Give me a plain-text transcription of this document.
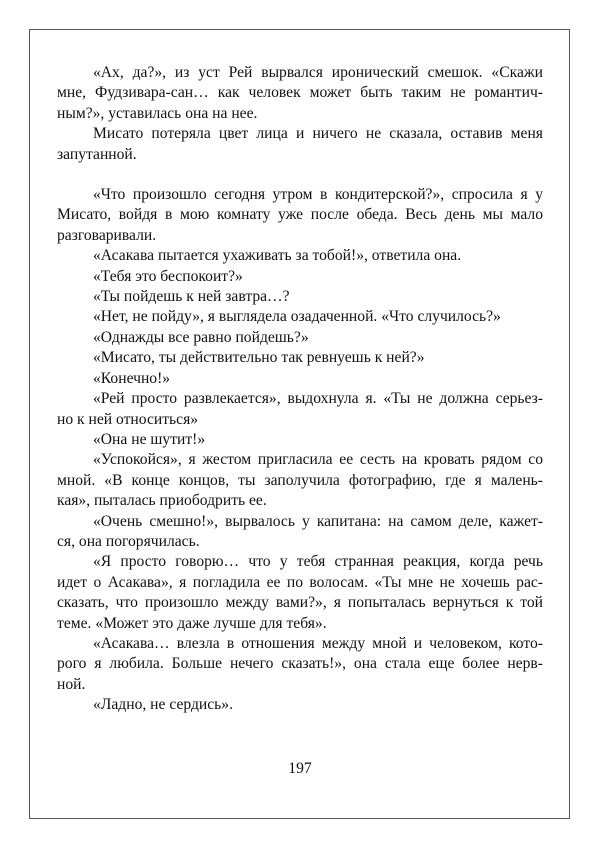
«Ах, да?», из уст Рей вырвался иронический смешок. «Скажи
мне, Фудзивара-сан… как человек может быть таким не романтич-
ным?», уставилась она на нее.

Мисато потеряла цвет лица и ничего не сказала, оставив меня
запутанной.

«Что произошло сегодня утром в кондитерской?», спросила я у
Мисато, войдя в мою комнату уже после обеда. Весь день мы мало
разговаривали.

«Асакава пытается ухаживать за тобой!», ответила она.

«Тебя это беспокоит?»

«Ты пойдешь к ней завтра…?

«Нет, не пойду», я выглядела озадаченной. «Что случилось?»

«Однажды все равно пойдешь?»

«Мисато, ты действительно так ревнуешь к ней?»

«Конечно!»

«Рей просто развлекается», выдохнула я. «Ты не должна серьез-
но к ней относиться»

«Она не шутит!»

«Успокойся», я жестом пригласила ее сесть на кровать рядом со
мной. «В конце концов, ты заполучила фотографию, где я малень-
кая», пыталась приободрить ее.

«Очень смешно!», вырвалось у капитана: на самом деле, кажет-
ся, она погорячилась.

«Я просто говорю… что у тебя странная реакция, когда речь
идет о Асакава», я погладила ее по волосам. «Ты мне не хочешь рас-
сказать, что произошло между вами?», я попыталась вернуться к той
теме. «Может это даже лучше для тебя».

«Асакава… влезла в отношения между мной и человеком, кото-
рого я любила. Больше нечего сказать!», она стала еще более нерв-
ной.

«Ладно, не сердись».

197
